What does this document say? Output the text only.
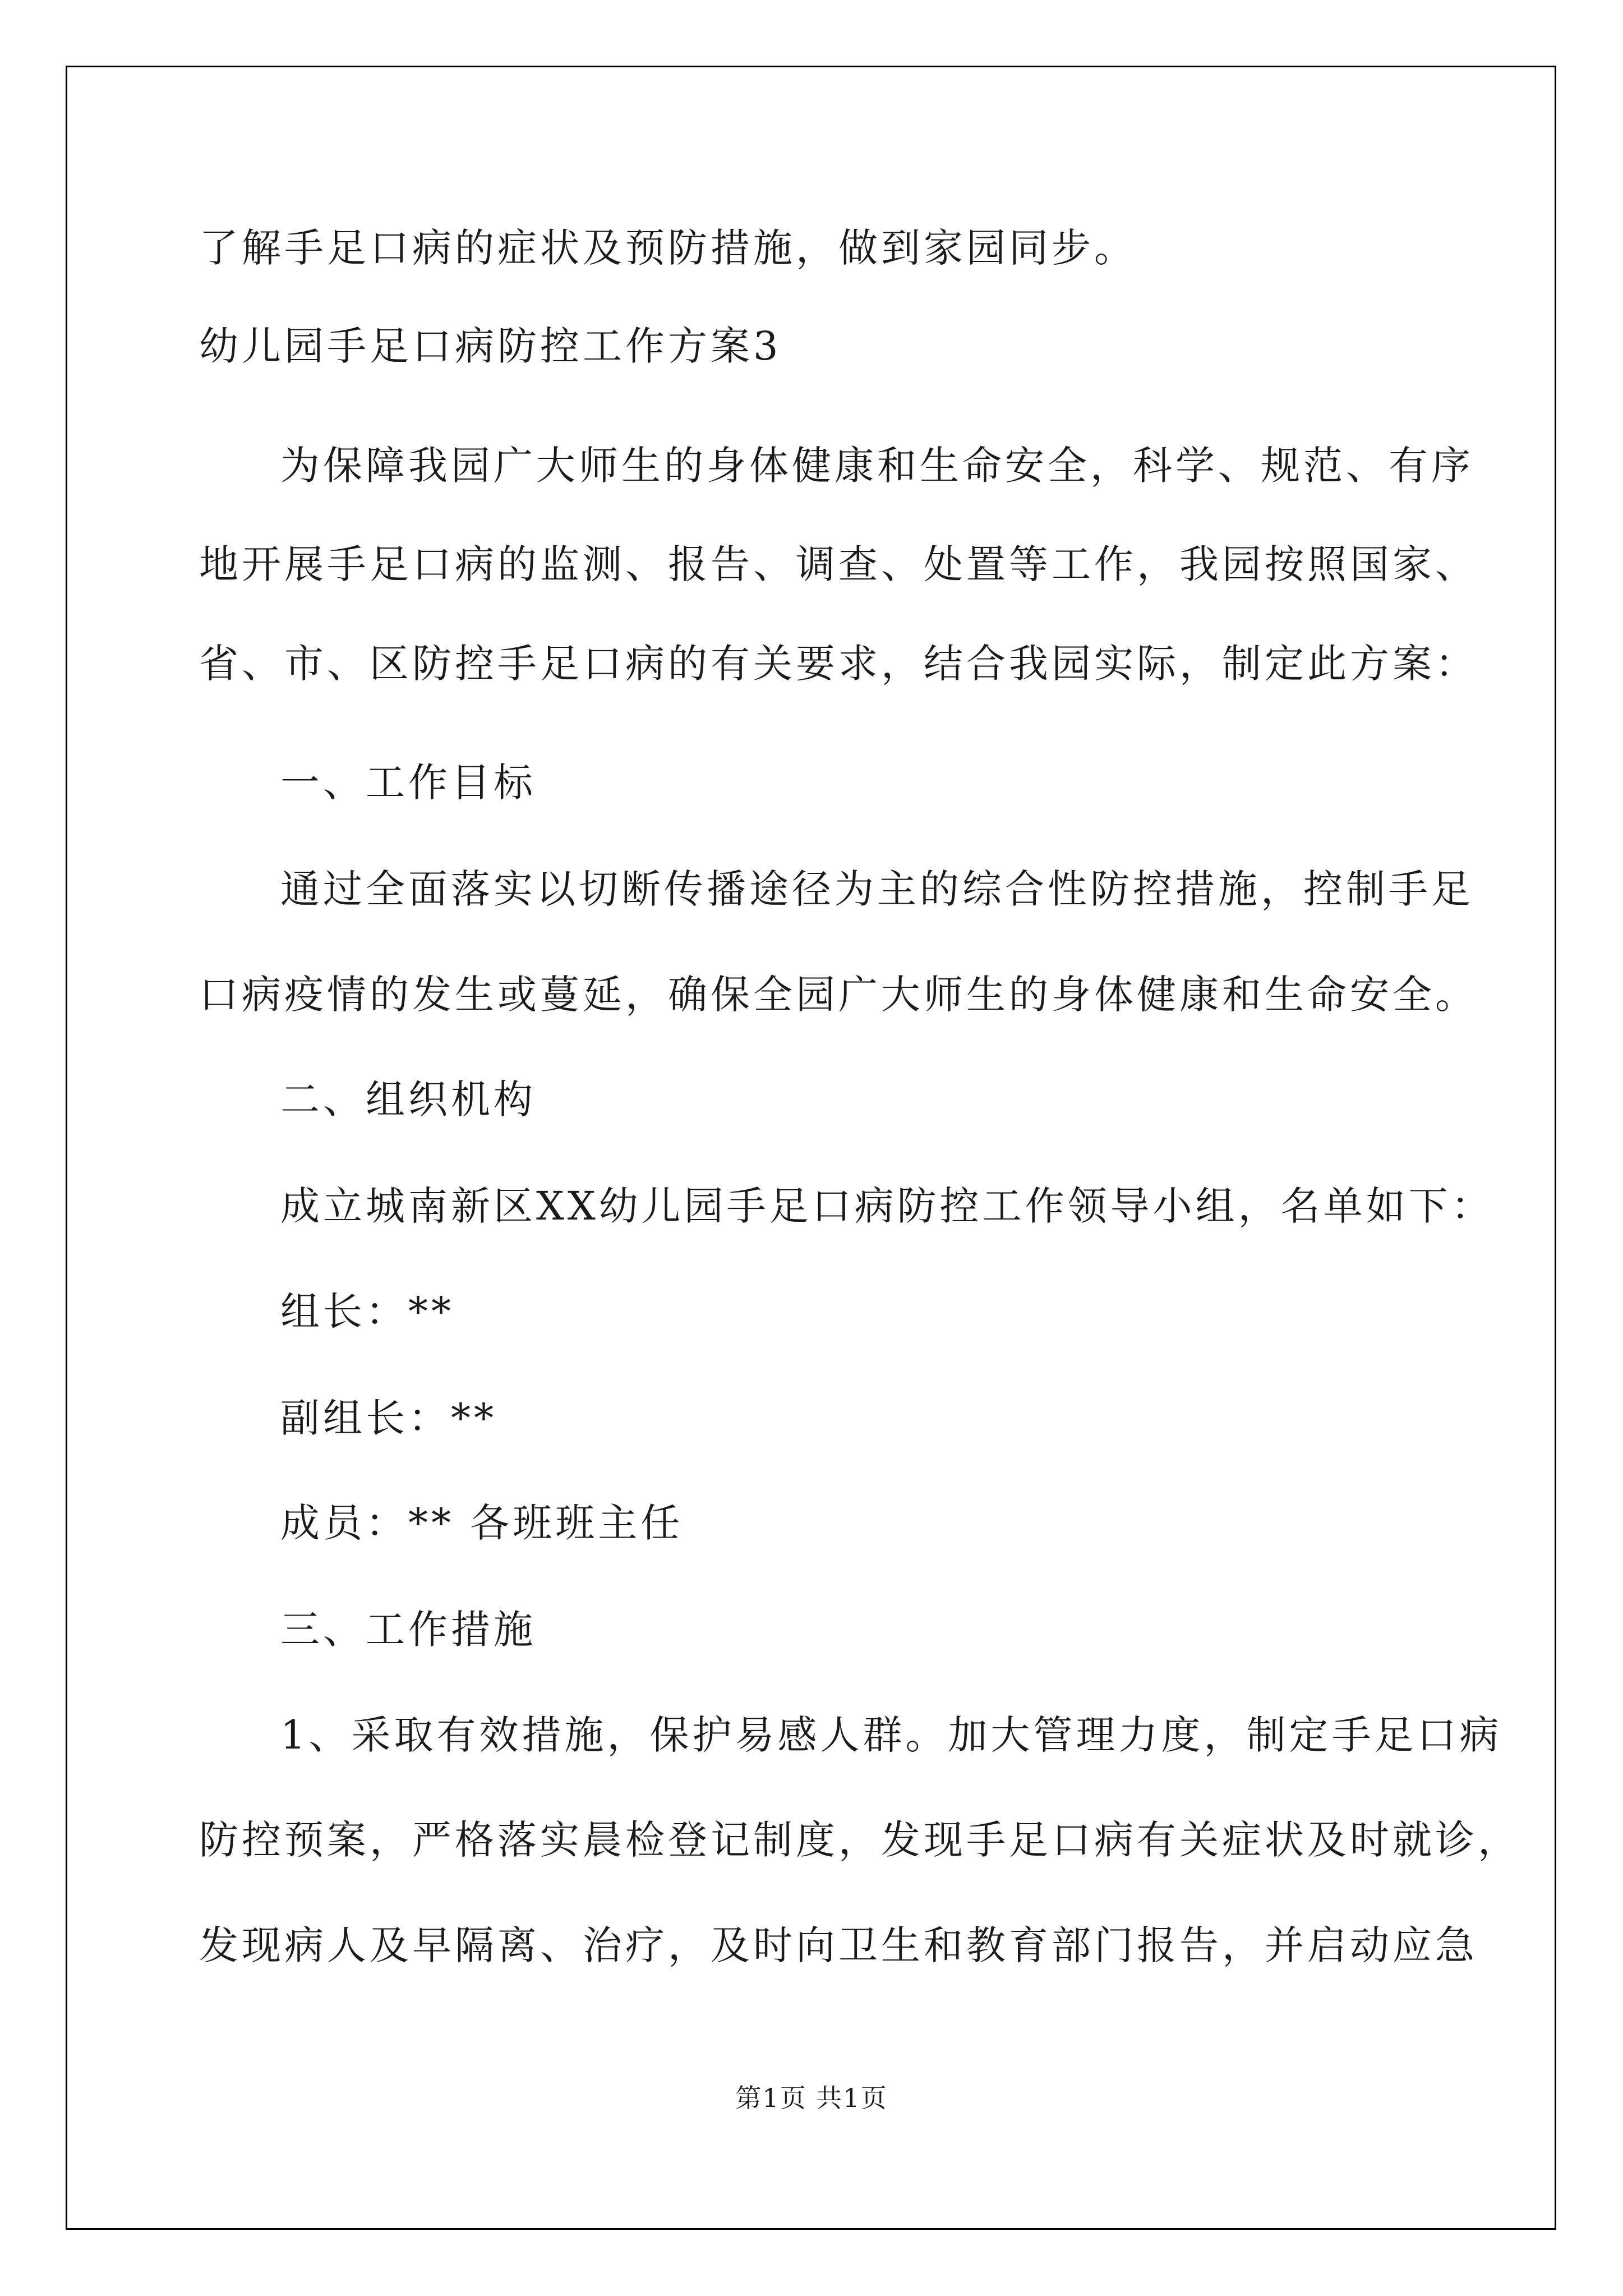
了解手足口病的症状及预防措施，做到家园同步。
幼儿园手足口病防控工作方案3
为保障我园广大师生的身体健康和生命安全，科学、规范、有序
地开展手足口病的监测、报告、调查、处置等工作，我园按照国家、
省、市、区防控手足口病的有关要求，结合我园实际，制定此方案：
一、工作目标
通过全面落实以切断传播途径为主的综合性防控措施，控制手足
口病疫情的发生或蔓延，确保全园广大师生的身体健康和生命安全。
二、组织机构
成立城南新区XX幼儿园手足口病防控工作领导小组，名单如下：
组长：**
副组长：**
成员：** 各班班主任
三、工作措施
1、采取有效措施，保护易感人群。加大管理力度，制定手足口病
防控预案，严格落实晨检登记制度，发现手足口病有关症状及时就诊，
发现病人及早隔离、治疗，及时向卫生和教育部门报告，并启动应急
第1页 共1页
